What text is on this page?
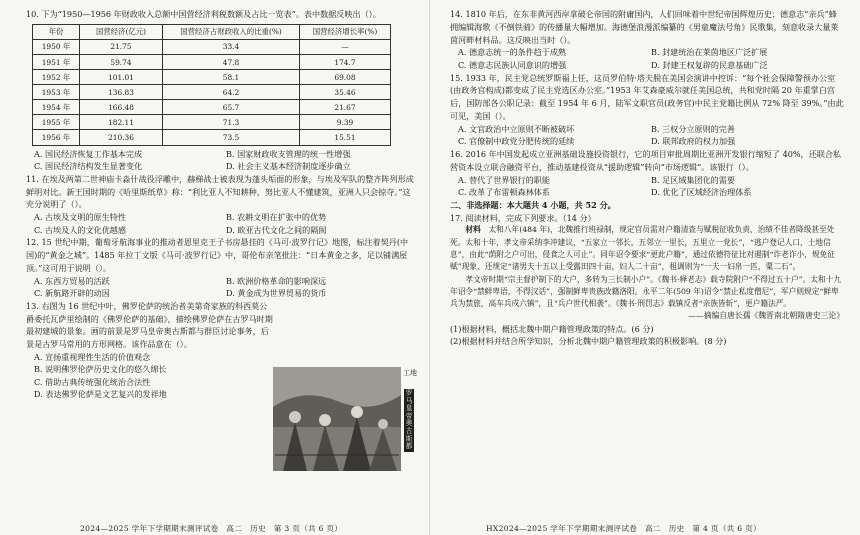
10. 下为“1950—1956 年财政收入总额中国营经济利税数额及占比一览表”。表中数据反映出（）。

年份	国营经济(亿元)	国营经济占财政收入的比重(%)	国营经济增长率(%)
1950 年	21.75	33.4	—
1951 年	59.74	47.8	174.7
1952 年	101.01	58.1	69.08
1953 年	136.83	64.2	35.46
1954 年	166.48	65.7	21.67
1955 年	182.11	71.3	9.39
1956 年	210.36	73.5	15.51
A. 国民经济恢复工作基本完成	B. 国家财政收支管理的统一性增强
C. 国民经济结构发生显著变化	D. 社会主义基本经济制度逐步确立

11. 在埃及两第二世神庙卡淼什战役浮雕中，赫梯战士被表现为蓬头垢面的形象，与埃及军队的整齐阵列形成鲜明对比。新王国时期的《哈里斯纸草》称：“利比亚人不知耕种，努比亚人不懂建筑，亚洲人只会掠夺。”这充分说明了（）。

A. 古埃及文明的原生特性	B. 农耕文明在扩张中的优势
C. 古埃及人的文化优越感	D. 欧亚古代文化之间的隔阂

12. 15 世纪中期，葡萄牙航海事业的推动者恩里克王子书房悬挂的《马可·波罗行记》地图，标注着契丹(中国)的“黄金之城”。1485 年拉丁文版《马可·波罗行记》中，哥伦布亲笔批注：“日本黄金之多，足以铺满屋顶。”这可用于说明（）。

A. 东西方贸易的活跃	B. 欧洲价格革命的影响深远
C. 新航路开辟的动因	D. 黄金成为世界贸易的货币

13. 右图为 16 世纪中叶，佛罗伦萨的统治者美第奇家族的科西莫公爵委托瓦萨里绘制的《佛罗伦萨的基础》，描绘佛罗伦萨在古罗马时期最初建城的景象。画的前景是罗马皇帝奥古斯都与群臣讨论事务，后景是古罗马常用的方形网格。该作品意在（）。

A. 宣扬重视理性生活的价值观念
B. 说明佛罗伦萨历史文化的悠久绵长
C. 借助古典传统强化统治合法性
D. 表达佛罗伦萨是文艺复兴的发祥地
工地
罗马皇帝奥古斯都
2024—2025 学年下学期期末测评试卷　高二　历史　第 3 页（共 6 页）

14. 1810 年后，在东非黄河西岸拿破仑帝国的附庸国内，人们回味着中世纪帝国辉煌历史；德意志“亲兵”蜂拥编辑海歌《不倒铁骑》的传播量大幅增加。海德堡浪漫派编纂的《男童魔法号角》民歌集，刻意收录大量莱茵河畔材料品。这反映出当时（）。

A. 德意志统一的条件趋于成熟	B. 封建统治在莱茵地区广泛扩展
C. 德意志民族认同意识的增强	D. 封建王权复辟的民意基础广泛

15. 1933 年，民主党总统罗斯福上任，这员罗伯特·塔夫脱在美国会演讲中控诉：“每个社会保障警预办公室(由政务官构成)都变成了民主党选区办公室。”1953 年艾森豪威尔就任美国总统，共和党时隔 20 年重掌白宫后，国防部各公职记录：截至 1954 年 6 月，陆军文职官员(政务官)中民主党籍比例从 72% 降至 39%。”由此可见，美国（）。

A. 文官政治中立原则不断被破坏	B. 三权分立原则的完善
C. 官僚制中政党分肥传统的延续	D. 联邦政府的权力加强

16. 2016 年中国发起成立亚洲基础设施投资银行，它的项目审批周期比亚洲开发银行缩短了 40%，还联合私营资本设立联合融资平台，推动基建投资从“援助逻辑”转向“市场逻辑”。该银行（）。

A. 替代了世界银行的职能	B. 足区域集团化的需要
C. 改革了布雷顿森林体系	D. 优化了区域经济治理体系

二、非选择题：本大题共 4 小题，共 52 分。

17. 阅读材料，完成下列要求。（14 分）

材料　 太和八年(484 年)，北魏推行班禄制，规定官员需对户籍清查与赋税征收负责，治绩不佳者降级甚至处死。太和十年，孝文帝采纳李冲建议，“五家立一邻长，五邻立一里长，五里立一党长”，“逃户登记人口，土地信息”，由此“荫附之户可出，侵食之人可止”。同年诏令要求“更此户籍”，通过依德符征比对遏制“诈老诈小，规免征赋”现象，还规定“诸男夫十五以上受露田四十亩，妇人二十亩”，租调则为“一夫一妇帛一匹，粟二石”。

孝文帝时期“宗主督护制下的大户，多转为三长制小户”。《魏书·释老志》载寺院附户“不得过五十户”。太和十九年诏令“禁鲜卑语，不得汉话”，强制鲜卑贵族改籍洛阳。永平二年(509 年)诏令“禁止私度僧尼”，军户则规定“鲜卑兵为禁旅，高车兵戍六镇”，且“兵户世代相袭”。《魏书·刑罚志》载镇反者“亲族皆斩”，更户籍法严。

——摘编自唐长孺《魏晋南北朝隋唐史三论》

(1)根据材料，概括北魏中期户籍管理政策的特点。(6 分)

(2)根据材料并结合所学知识，分析北魏中期户籍管理政策的积极影响。(8 分)

HX2024—2025 学年下学期期末测评试卷　高二　历史　第 4 页（共 6 页）
